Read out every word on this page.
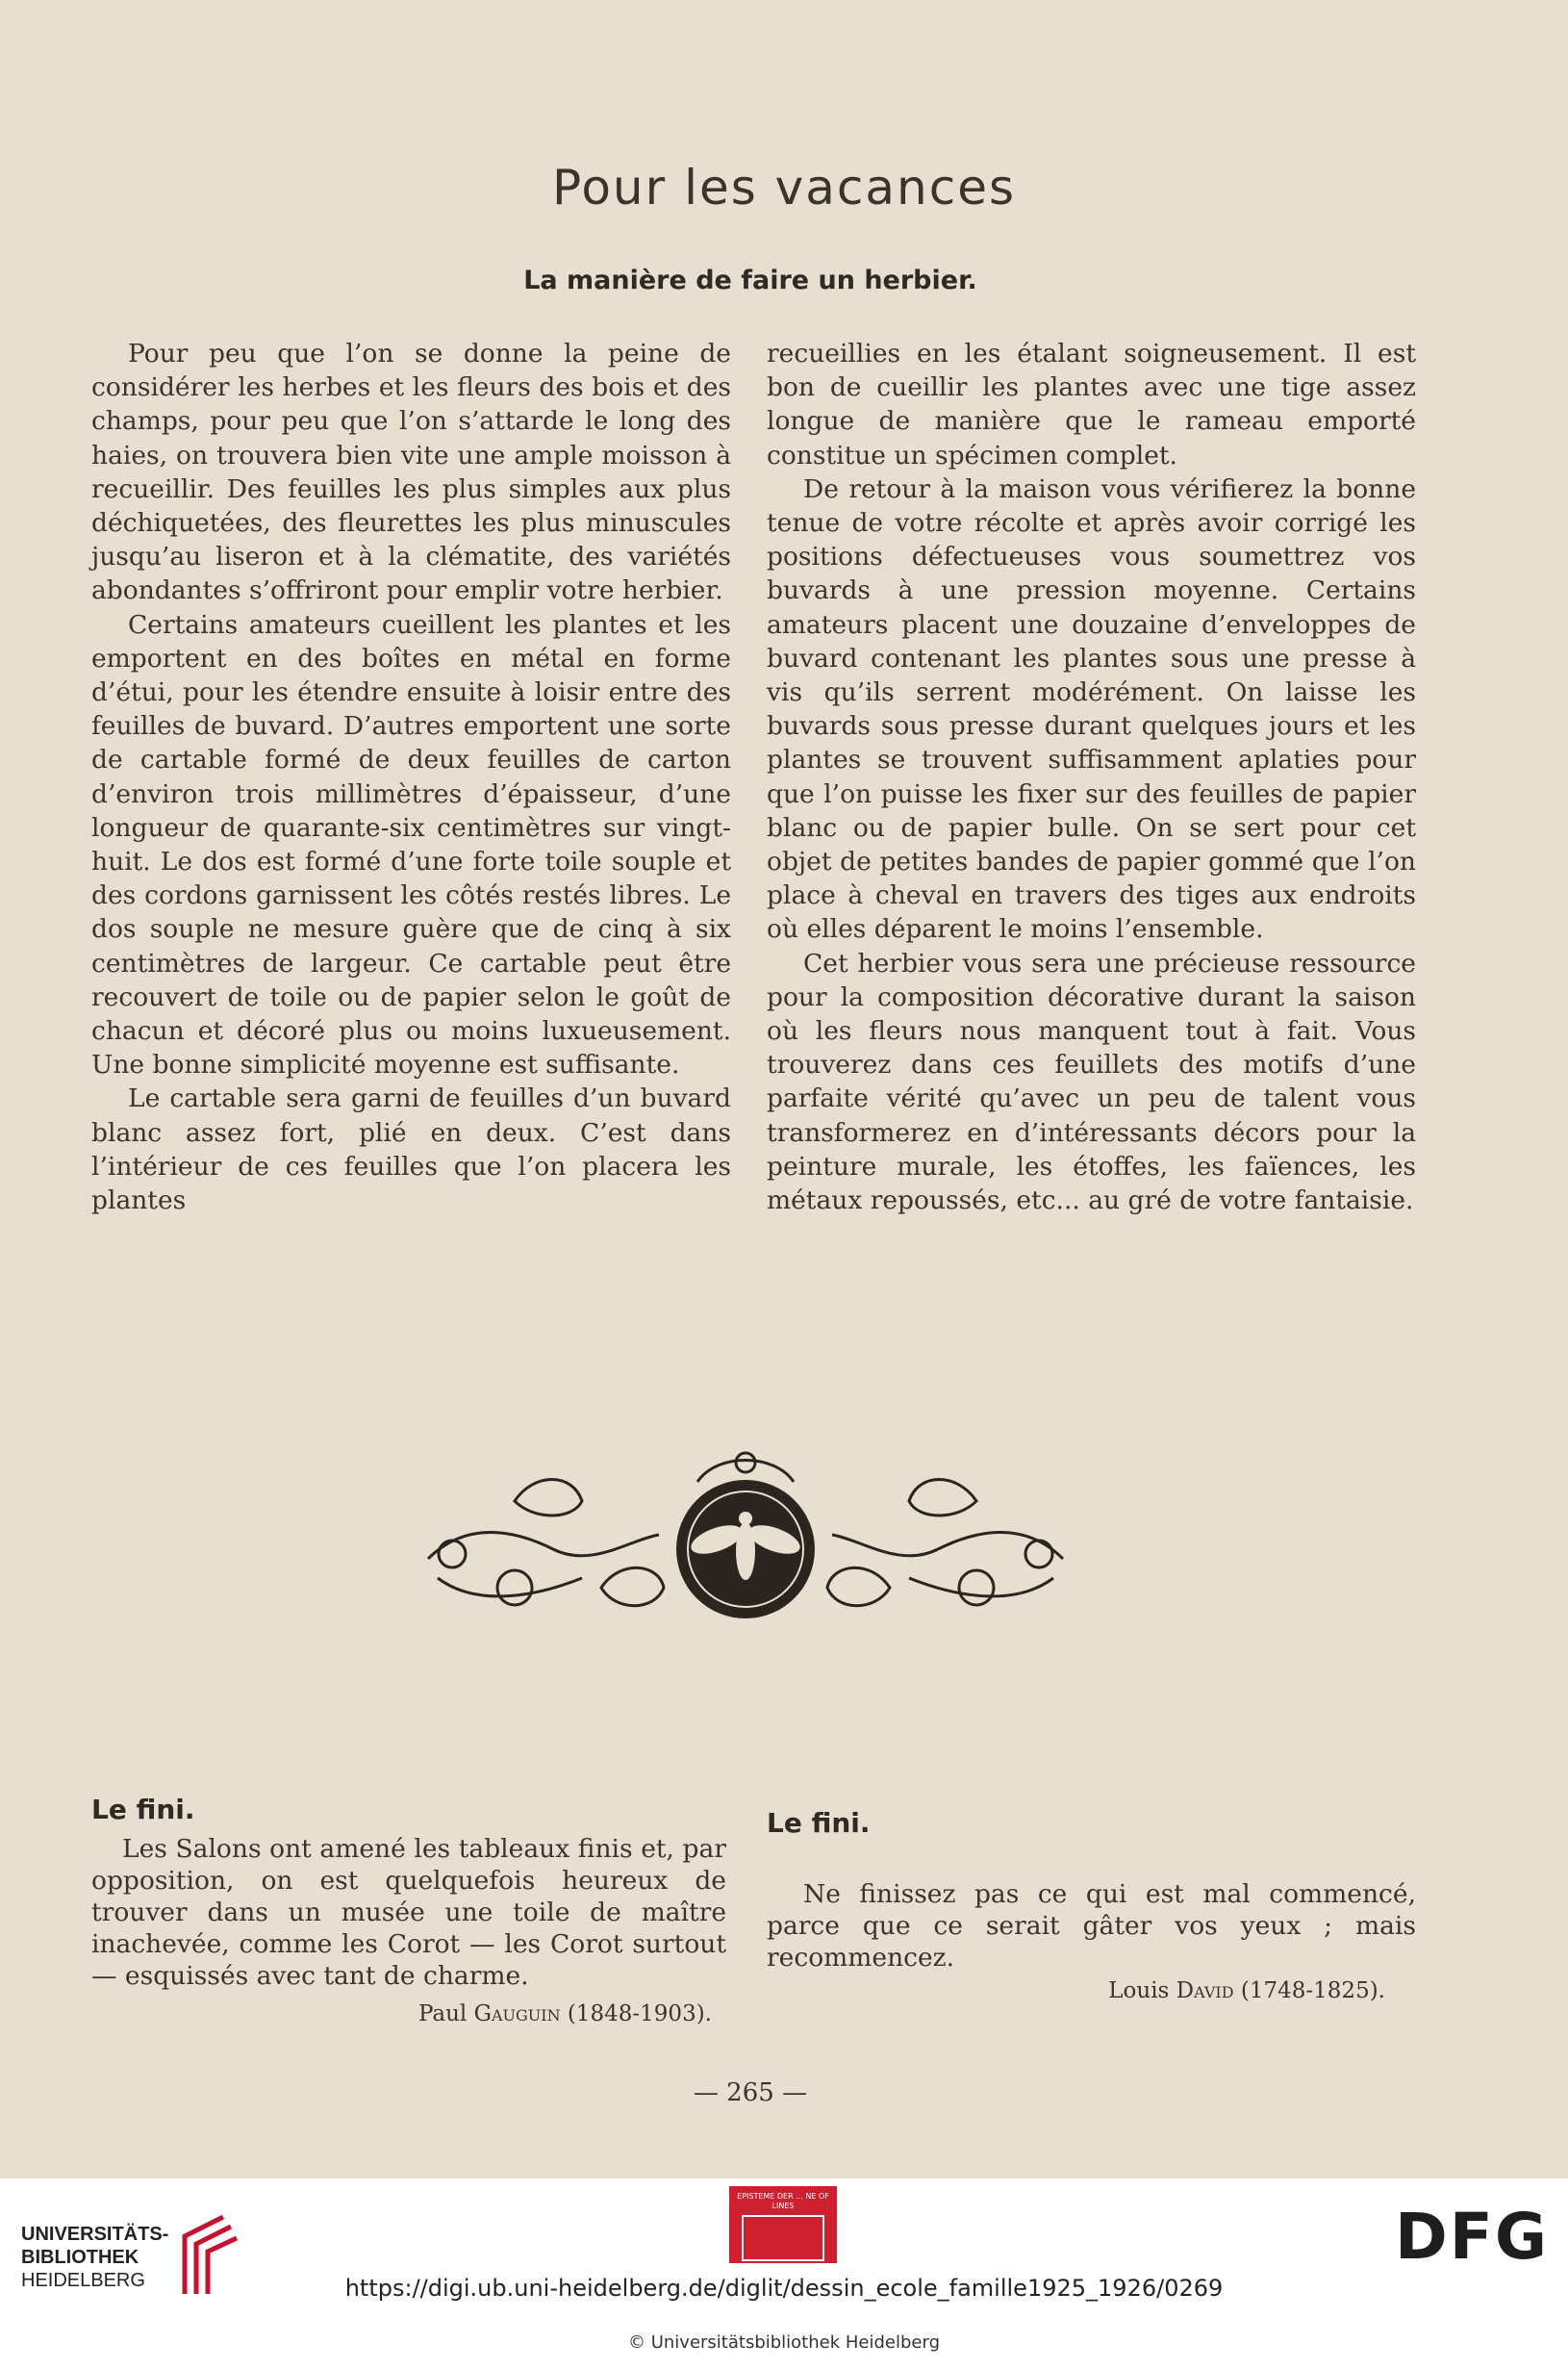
Pour les vacances
La manière de faire un herbier.

Pour peu que l’on se donne la peine de considérer les herbes et les fleurs des bois et des champs, pour peu que l’on s’attarde le long des haies, on trouvera bien vite une ample moisson à recueillir. Des feuilles les plus simples aux plus déchiquetées, des fleurettes les plus minuscules jusqu’au liseron et à la clématite, des variétés abondantes s’offriront pour emplir votre herbier.

Certains amateurs cueillent les plantes et les emportent en des boîtes en métal en forme d’étui, pour les étendre ensuite à loisir entre des feuilles de buvard. D’autres emportent une sorte de cartable formé de deux feuilles de carton d’environ trois millimètres d’épaisseur, d’une longueur de quarante-six centimètres sur vingt-huit. Le dos est formé d’une forte toile souple et des cordons garnissent les côtés restés libres. Le dos souple ne mesure guère que de cinq à six centimètres de largeur. Ce cartable peut être recouvert de toile ou de papier selon le goût de chacun et décoré plus ou moins luxueusement. Une bonne simplicité moyenne est suffisante.

Le cartable sera garni de feuilles d’un buvard blanc assez fort, plié en deux. C’est dans l’intérieur de ces feuilles que l’on placera les plantes

recueillies en les étalant soigneusement. Il est bon de cueillir les plantes avec une tige assez longue de manière que le rameau emporté constitue un spécimen complet.

De retour à la maison vous vérifierez la bonne tenue de votre récolte et après avoir corrigé les positions défectueuses vous soumettrez vos buvards à une pression moyenne. Certains amateurs placent une douzaine d’enveloppes de buvard contenant les plantes sous une presse à vis qu’ils serrent modérément. On laisse les buvards sous presse durant quelques jours et les plantes se trouvent suffisamment aplaties pour que l’on puisse les fixer sur des feuilles de papier blanc ou de papier bulle. On se sert pour cet objet de petites bandes de papier gommé que l’on place à cheval en travers des tiges aux endroits où elles déparent le moins l’ensemble.

Cet herbier vous sera une précieuse ressource pour la composition décorative durant la saison où les fleurs nous manquent tout à fait. Vous trouverez dans ces feuillets des motifs d’une parfaite vérité qu’avec un peu de talent vous transformerez en d’intéressants décors pour la peinture murale, les étoffes, les faïences, les métaux repoussés, etc... au gré de votre fantaisie.

Le fini.
Les Salons ont amené les tableaux finis et, par opposition, on est quelquefois heureux de trouver dans un musée une toile de maître inachevée, comme les Corot — les Corot surtout — esquissés avec tant de charme.
Paul Gauguin (1848-1903).
Le fini.
Ne finissez pas ce qui est mal commencé, parce que ce serait gâter vos yeux ; mais recommencez.
Louis David (1748-1825).
— 265 —
UNIVERSITÄTS-
BIBLIOTHEK
HEIDELBERG
EPISTEME DER ... NE OF LINES	DFG
https://digi.ub.uni-heidelberg.de/diglit/dessin_ecole_famille1925_1926/0269
© Universitätsbibliothek Heidelberg
